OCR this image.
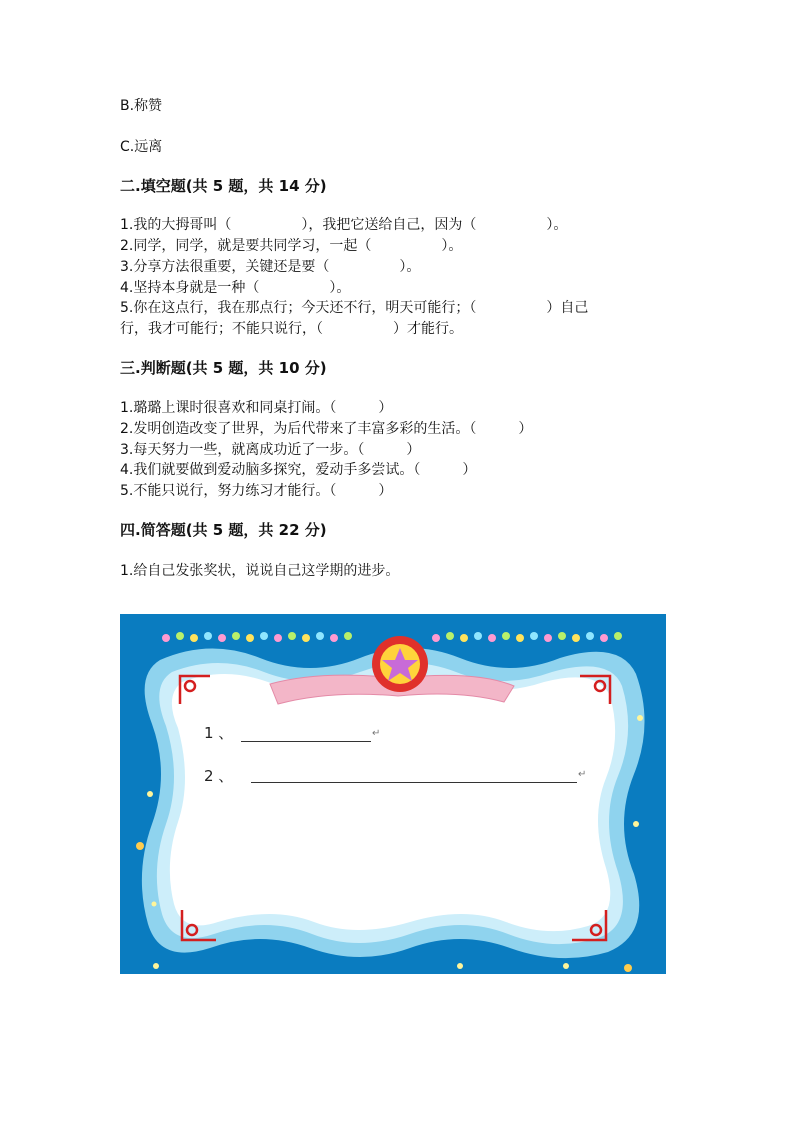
B.称赞
C.远离
二.填空题(共 5 题，共 14 分)
1.我的大拇哥叫（　　　　　），我把它送给自己，因为（　　　　　）。
2.同学，同学，就是要共同学习，一起（　　　　　）。
3.分享方法很重要，关键还是要（　　　　　）。
4.坚持本身就是一种（　　　　　）。
5.你在这点行，我在那点行；今天还不行，明天可能行；（　　　　　）自己
行，我才可能行；不能只说行，（　　　　　）才能行。
三.判断题(共 5 题，共 10 分)
1.璐璐上课时很喜欢和同桌打闹。（　　　）
2.发明创造改变了世界，为后代带来了丰富多彩的生活。（　　　）
3.每天努力一些，就离成功近了一步。（　　　）
4.我们就要做到爱动脑多探究，爱动手多尝试。（　　　）
5.不能只说行，努力练习才能行。（　　　）
四.简答题(共 5 题，共 22 分)
1.给自己发张奖状，说说自己这学期的进步。
1 、	↵
2 、	↵
